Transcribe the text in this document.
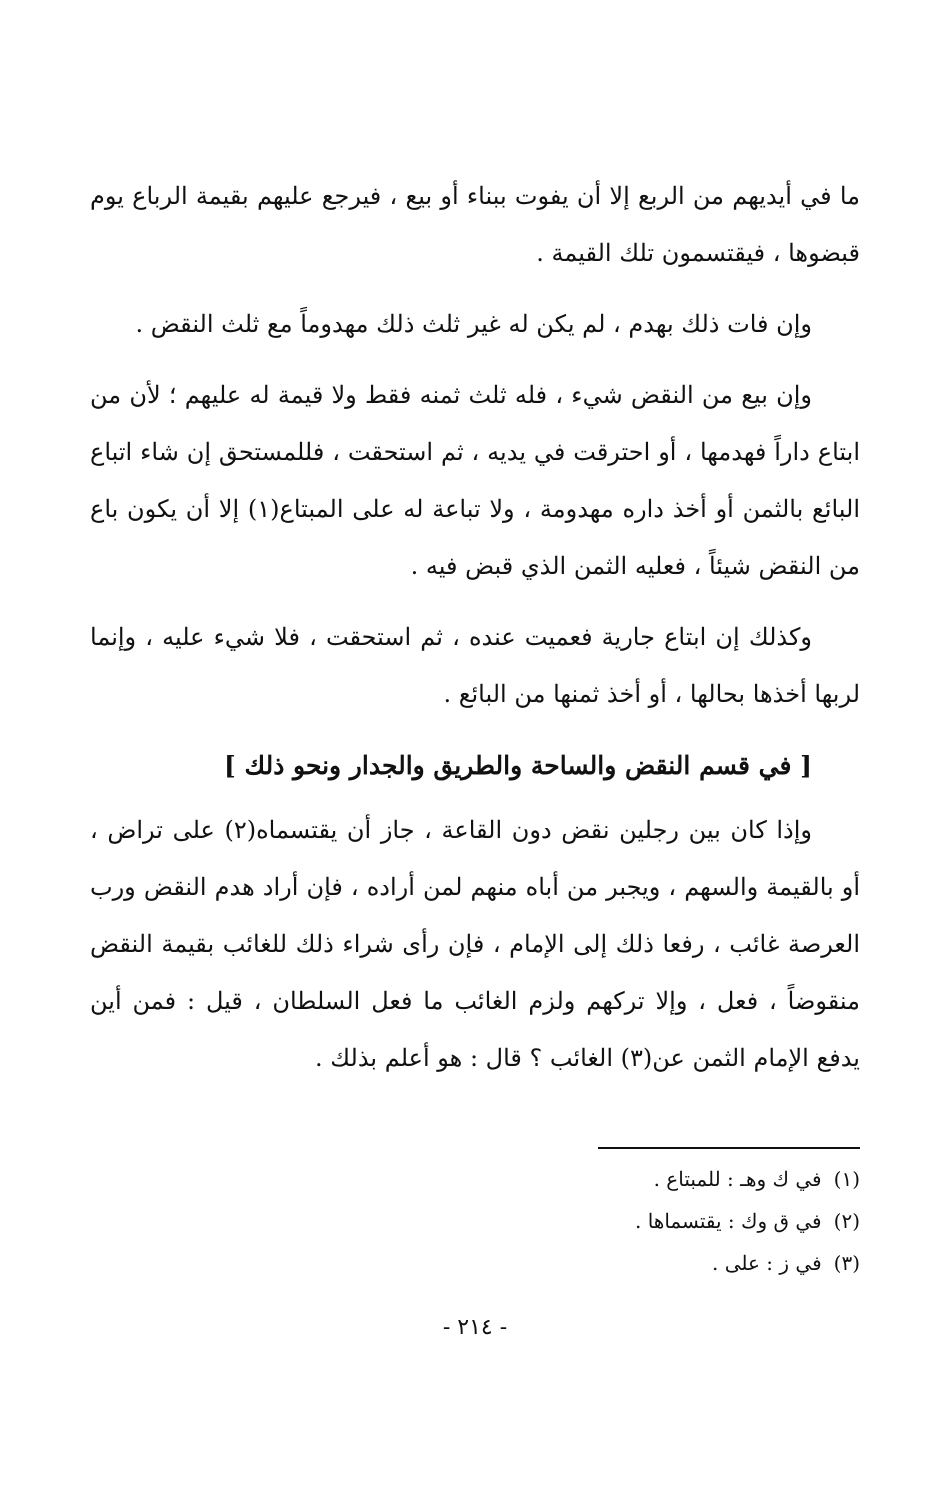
ما في أيديهم من الربع إلا أن يفوت ببناء أو بيع ، فيرجع عليهم بقيمة الرباع يوم قبضوها ، فيقتسمون تلك القيمة .

وإن فات ذلك بهدم ، لم يكن له غير ثلث ذلك مهدوماً مع ثلث النقض .

وإن بيع من النقض شيء ، فله ثلث ثمنه فقط ولا قيمة له عليهم ؛ لأن من ابتاع داراً فهدمها ، أو احترقت في يديه ، ثم استحقت ، فللمستحق إن شاء اتباع البائع بالثمن أو أخذ داره مهدومة ، ولا تباعة له على المبتاع(١) إلا أن يكون باع من النقض شيئاً ، فعليه الثمن الذي قبض فيه .

وكذلك إن ابتاع جارية فعميت عنده ، ثم استحقت ، فلا شيء عليه ، وإنما لربها أخذها بحالها ، أو أخذ ثمنها من البائع .

[ في قسم النقض والساحة والطريق والجدار ونحو ذلك ]

وإذا كان بين رجلين نقض دون القاعة ، جاز أن يقتسماه(٢) على تراض ، أو بالقيمة والسهم ، ويجبر من أباه منهم لمن أراده ، فإن أراد هدم النقض ورب العرصة غائب ، رفعا ذلك إلى الإمام ، فإن رأى شراء ذلك للغائب بقيمة النقض منقوضاً ، فعل ، وإلا تركهم ولزم الغائب ما فعل السلطان ، قيل : فمن أين يدفع الإمام الثمن عن(٣) الغائب ؟ قال : هو أعلم بذلك .

(١)في ك وهـ : للمبتاع .
(٢)في ق وك : يقتسماها .
(٣)في ز : على .
- ٢١٤ -
